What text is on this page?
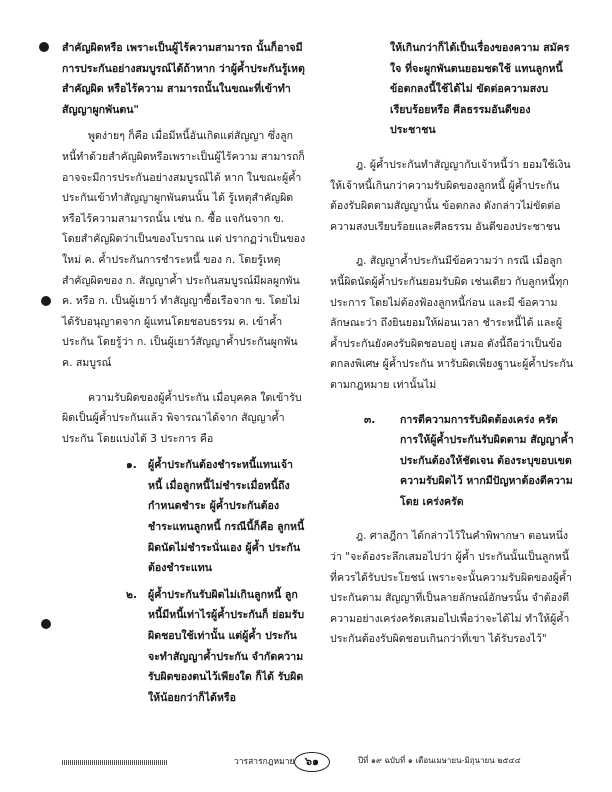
สำคัญผิดหรือ เพราะเป็นผู้ไร้ความสามารถ นั้นก็อาจมีการประกันอย่างสมบูรณ์ได้ถ้าหาก ว่าผู้ค้ำประกันรู้เหตุสำคัญผิด หรือไร้ความ สามารถนั้นในขณะที่เข้าทำสัญญาผูกพันตน"

พูดง่ายๆ ก็คือ เมื่อมีหนี้อันเกิดแต่สัญญา ซึ่งลูกหนี้ทำด้วยสำคัญผิดหรือเพราะเป็นผู้ไร้ความ สามารถก็อาจจะมีการประกันอย่างสมบูรณ์ได้ หาก ในขณะผู้ค้ำประกันเข้าทำสัญญาผูกพันตนนั้น ได้ รู้เหตุสำคัญผิดหรือไร้ความสามารถนั้น เช่น ก. ซื้อ แจกันจาก ข. โดยสำคัญผิดว่าเป็นของโบราณ แต่ ปรากฏว่าเป็นของใหม่ ค. ค้ำประกันการชำระหนี้ ของ ก. โดยรู้เหตุสำคัญผิดของ ก. สัญญาค้ำ ประกันสมบูรณ์มีผลผูกพัน ค. หรือ ก. เป็นผู้เยาว์ ทำสัญญาซื้อเรือจาก ข. โดยไม่ได้รับอนุญาตจาก ผู้แทนโดยชอบธรรม ค. เข้าค้ำประกัน โดยรู้ว่า ก. เป็นผู้เยาว์สัญญาค้ำประกันผูกพัน ค. สมบูรณ์

ความรับผิดของผู้ค้ำประกัน เมื่อบุคคล ใดเข้ารับผิดเป็นผู้ค้ำประกันแล้ว พิจารณาได้จาก สัญญาค้ำประกัน โดยแบ่งได้ 3 ประการ คือ

๑. ผู้ค้ำประกันต้องชำระหนี้แทนเจ้าหนี้ เมื่อลูกหนี้ไม่ชำระเมื่อหนี้ถึง กำหนดชำระ ผู้ค้ำประกันต้อง ชำระแทนลูกหนี้ กรณีนี้ก็คือ ลูกหนี้ผิดนัดไม่ชำระนั่นเอง ผู้ค้ำ ประกันต้องชำระแทน

๒. ผู้ค้ำประกันรับผิดไม่เกินลูกหนี้ ลูกหนี้มีหนี้เท่าไรผู้ค้ำประกันก็ ย่อมรับผิดชอบใช้เท่านั้น แต่ผู้ค้ำ ประกันจะทำสัญญาค้ำประกัน จำกัดความรับผิดของตนไว้เพียงใด ก็ได้ รับผิดให้น้อยกว่าก็ได้หรือ

ให้เกินกว่าก็ได้เป็นเรื่องของความ สมัครใจ ที่จะผูกพันตนยอมชดใช้ แทนลูกหนี้ ข้อตกลงนี้ใช้ได้ไม่ ขัดต่อความสงบเรียบร้อยหรือ ศีลธรรมอันดีของประชาชน

ฎ. ผู้ค้ำประกันทำสัญญากับเจ้าหนี้ว่า ยอมใช้เงินให้เจ้าหนี้เกินกว่าความรับผิดของลูกหนี้ ผู้ค้ำประกันต้องรับผิดตามสัญญานั้น ข้อตกลง ดังกล่าวไม่ขัดต่อความสงบเรียบร้อยและศีลธรรม อันดีของประชาชน

ฎ. สัญญาค้ำประกันมีข้อความว่า กรณี เมื่อลูกหนี้ผิดนัดผู้ค้ำประกันยอมรับผิด เช่นเดียว กับลูกหนี้ทุกประการ โดยไม่ต้องฟ้องลูกหนี้ก่อน และมี ข้อความลักษณะว่า ถึงยินยอมให้ผ่อนเวลา ชำระหนี้ได้ และผู้ค้ำประกันยังคงรับผิดชอบอยู่ เสมอ ดังนี้ถือว่าเป็นข้อตกลงพิเศษ ผู้ค้ำประกัน หารับผิดเพียงฐานะผู้ค้ำประกันตามกฎหมาย เท่านั้นไม่

๓. การตีความการรับผิดต้องเคร่ง ครัดการให้ผู้ค้ำประกันรับผิดตาม สัญญาค้ำประกันต้องให้ชัดเจน ต้องระบุขอบเขตความรับผิดไว้ หากมีปัญหาต้องตีความโดย เคร่งครัด

ฎ. ศาลฎีกา ได้กล่าวไว้ในคำพิพากษา ตอนหนึ่งว่า "จะต้องระลึกเสมอไปว่า ผู้ค้ำ ประกันนั้นเป็นลูกหนี้ที่ควรได้รับประโยชน์ เพราะจะนั้นความรับผิดของผู้ค้ำประกันตาม สัญญาที่เป็นลายลักษณ์อักษรนั้น จำต้องตี ความอย่างเคร่งครัดเสมอไปเพื่อว่าจะได้ไม่ ทำให้ผู้ค้ำประกันต้องรับผิดชอบเกินกว่าที่เขา ได้รับรองไว้"

วารสารกฎหมาย ๖๑	ปีที่ ๑๙ ฉบับที่ ๑ เดือนเมษายน-มิถุนายน ๒๕๔๔
